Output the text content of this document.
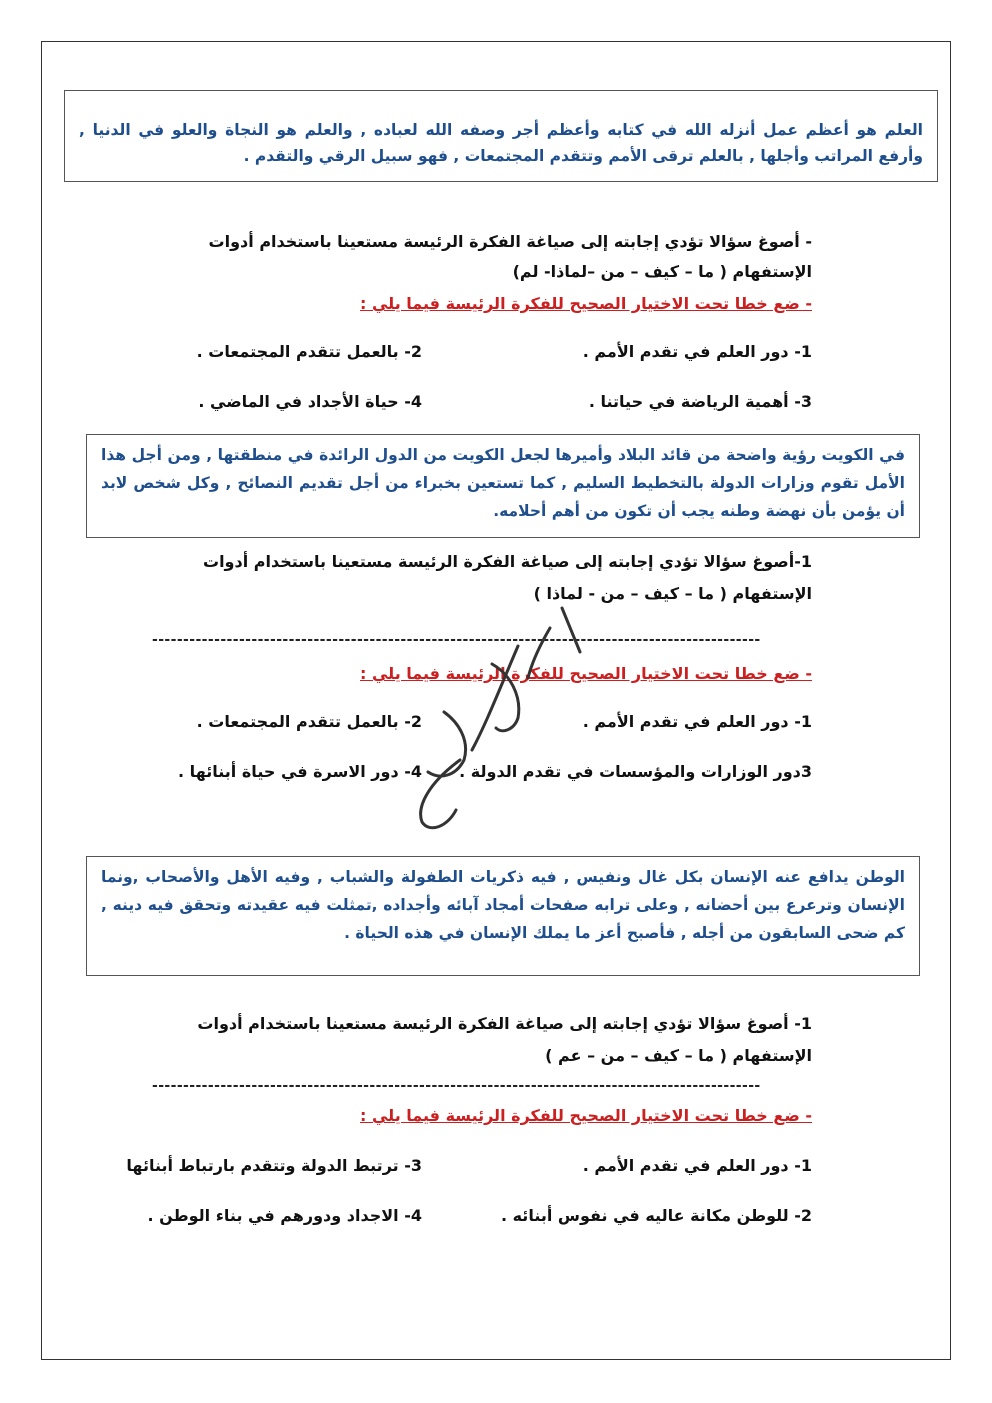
العلم هو أعظم عمل أنزله الله في كتابه وأعظم أجر وصفه الله لعباده , والعلم هو النجاة والعلو في الدنيا , وأرفع المراتب وأجلها , بالعلم ترقى الأمم وتتقدم المجتمعات , فهو سبيل الرقي والتقدم .
- أصوغ سؤالا تؤدي إجابته إلى صياغة الفكرة الرئيسة مستعينا باستخدام أدوات
الإستفهام ( ما – كيف – من –لماذا- لم)
- ضع خطا تحت الاختيار الصحيح للفكرة الرئيسة فيما يلي :
1- دور العلم في تقدم الأمم .
2- بالعمل تتقدم المجتمعات .
3- أهمية الرياضة في حياتنا .
4- حياة الأجداد في الماضي .
في الكويت رؤية واضحة من قائد البلاد وأميرها لجعل الكويت من الدول الرائدة في منطقتها , ومن أجل هذا الأمل تقوم وزارات الدولة بالتخطيط السليم , كما تستعين بخبراء من أجل تقديم النصائح , وكل شخص لابد أن يؤمن بأن نهضة وطنه يجب أن تكون من أهم أحلامه.
1-أصوغ سؤالا تؤدي إجابته إلى صياغة الفكرة الرئيسة مستعينا باستخدام أدوات
الإستفهام ( ما – كيف – من - لماذا )
--------------------------------------------------------------------------------------------------
- ضع خطا تحت الاختيار الصحيح للفكرة الرئيسة فيما يلي :
1- دور العلم في تقدم الأمم .
2- بالعمل تتقدم المجتمعات .
3دور الوزارات والمؤسسات في تقدم الدولة .
4- دور الاسرة في حياة أبنائها .
أ/ رباب
الوطن يدافع عنه الإنسان بكل غال ونفيس , فيه ذكريات الطفولة والشباب , وفيه الأهل والأصحاب ,ونما الإنسان وترعرع بين أحضانه , وعلى ترابه صفحات أمجاد آبائه وأجداده ,تمثلت فيه عقيدته وتحقق فيه دينه , كم ضحى السابقون من أجله , فأصبح أعز ما يملك الإنسان في هذه الحياة .
1- أصوغ سؤالا تؤدي إجابته إلى صياغة الفكرة الرئيسة مستعينا باستخدام أدوات
الإستفهام ( ما – كيف – من – عم )
--------------------------------------------------------------------------------------------------
- ضع خطا تحت الاختيار الصحيح للفكرة الرئيسة فيما يلي :
1- دور العلم في تقدم الأمم .
3- ترتبط الدولة وتتقدم بارتباط أبنائها
2- للوطن مكانة عاليه في نفوس أبنائه .
4- الاجداد ودورهم في بناء الوطن .
